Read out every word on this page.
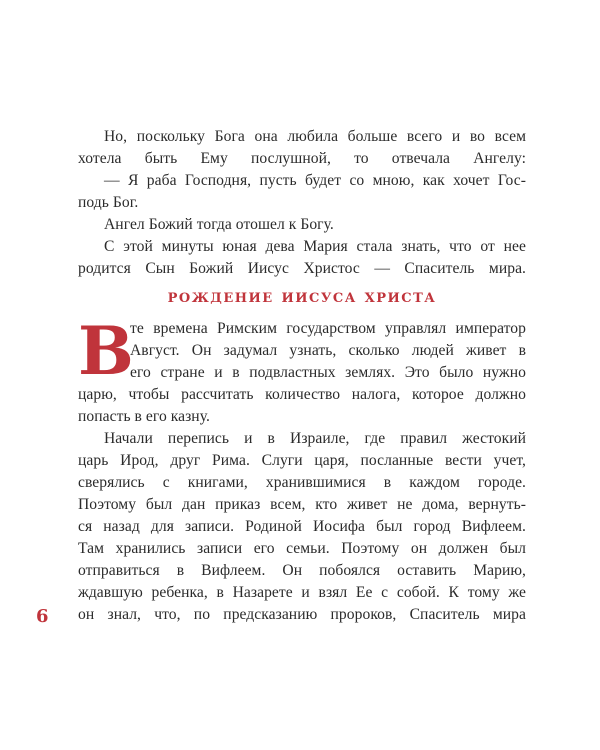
Но, поскольку Бога она любила больше всего и во всем
хотела быть Ему послушной, то отвечала Ангелу:
— Я раба Господня, пусть будет со мною, как хочет Гос-
подь Бог.
Ангел Божий тогда отошел к Богу.
С этой минуты юная дева Мария стала знать, что от нее
родится Сын Божий Иисус Христос — Спаситель мира.
рождение иисуса христа
В
те времена Римским государством управлял император
Август. Он задумал узнать, сколько людей живет в
его стране и в подвластных землях. Это было нужно
царю, чтобы рассчитать количество налога, которое должно
попасть в его казну.
Начали перепись и в Израиле, где правил жестокий
царь Ирод, друг Рима. Слуги царя, посланные вести учет,
сверялись с книгами, хранившимися в каждом городе.
Поэтому был дан приказ всем, кто живет не дома, вернуть-
ся назад для записи. Родиной Иосифа был город Вифлеем.
Там хранились записи его семьи. Поэтому он должен был
отправиться в Вифлеем. Он побоялся оставить Марию,
ждавшую ребенка, в Назарете и взял Ее с собой. К тому же
он знал, что, по предсказанию пророков, Спаситель мира
6
